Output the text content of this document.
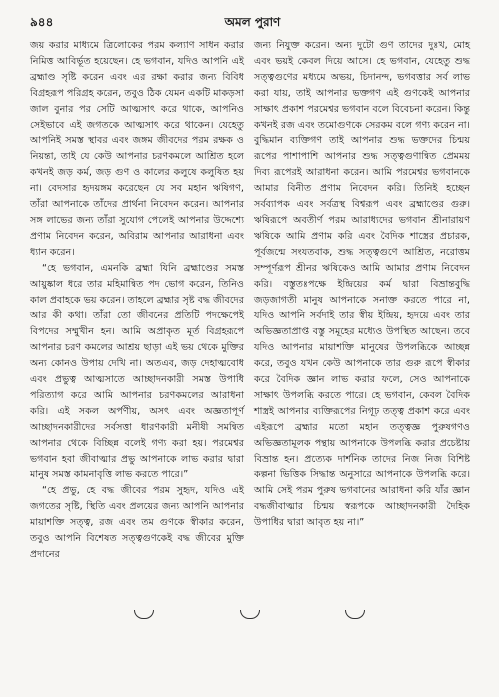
৯৪৪	অমল পুরাণ

জয় করার মাধ্যমে ত্রিলোকের পরম কল্যাণ সাধন করার নিমিত্ত আবির্ভূত হয়েছেন। হে ভগবান, যদিও আপনি এই ব্রহ্মাণ্ড সৃষ্টি করেন এবং এর রক্ষা করার জন্য বিবিধ বিগ্রহরূপ পরিগ্রহ করেন, তবুও ঠিক যেমন একটি মাকড়সা জাল বুনার পর সেটি আত্মসাৎ করে থাকে, আপনিও সেইভাবে এই জগতকে আত্মসাৎ করে থাকেন। যেহেতু আপনিই সমস্ত স্থাবর এবং জঙ্গম জীবদের পরম রক্ষক ও নিয়ন্তা, তাই যে কেউ আপনার চরণকমলে আশ্রিত হলে কখনই জড় কর্ম, জড় গুণ ও কালের কলুষে কলুষিত হয় না। বেদসার হৃদয়ঙ্গম করেছেন যে সব মহান ঋষিগণ, তাঁরা আপনাকে তাঁদের প্রার্থনা নিবেদন করেন। আপনার সঙ্গ লাভের জন্য তাঁরা সুযোগ পেলেই আপনার উদ্দেশ্যে প্রণাম নিবেদন করেন, অবিরাম আপনার আরাধনা এবং ধ্যান করেন।

“হে ভগবান, এমনকি ব্রহ্মা যিনি ব্রহ্মাণ্ডের সমস্ত আয়ুষ্কাল ধরে তার মহিমান্বিত পদ ভোগ করেন, তিনিও কাল প্রবাহকে ভয় করেন। তাহলে ব্রহ্মার সৃষ্ট বদ্ধ জীবদের আর কী কথা। তাঁরা তো জীবনের প্রতিটি পদক্ষেপেই বিপদের সম্মুখীন হন। আমি অপ্রাকৃত মূর্ত বিগ্রহরূপে আপনার চরণ কমলের আশ্রয় ছাড়া এই ভয় থেকে মুক্তির অন্য কোনও উপায় দেখি না। অতএব, জড় দেহাত্মবোধ এবং প্রভুত্ব আত্মসাতে আচ্ছাদনকারী সমস্ত উপাধি পরিত্যাগ করে আমি আপনার চরণকমলের আরাধনা করি। এই সকল অর্পণীয়, অসৎ এবং অজ্ঞতাপূর্ণ আচ্ছাদনকারীদের সর্বসত্তা ধারণকারী মনীষী সমন্বিত আপনার থেকে বিচ্ছিন্ন বলেই গণ্য করা হয়। পরমেশ্বর ভগবান হবা জীবাত্মার প্রভু আপনাকে লাভ করার দ্বারা মানুষ সমস্ত কামনাবৃত্তি লাভ করতে পারে।”

“হে প্রভু, হে বদ্ধ জীবের পরম সুহৃদ, যদিও এই জগতের সৃষ্টি, স্থিতি এবং প্রলয়ের জন্য আপনি আপনার মায়াশক্তি সত্ত্ব, রজ এবং তম গুণকে স্বীকার করেন, তবুও আপনি বিশেষত সত্ত্বগুণকেই বদ্ধ জীবের মুক্তি প্রদানের

জন্য নিযুক্ত করেন। অন্য দুটো গুণ তাদের দুঃখ, মোহ এবং ভয়ই কেবল দিয়ে আসে। হে ভগবান, যেহেতু শুদ্ধ সত্ত্বগুণের মধ্যমে অভয়, চিদানন্দ, ভগবত্তার সর্ব লাভ করা যায়, তাই আপনার ভক্তগণ এই গুণকেই আপনার সাক্ষাৎ প্রকাশ পরমেশ্বর ভগবান বলে বিবেচনা করেন। কিন্তু কখনই রজ এবং তমোগুণকে সেরকম বলে গণ্য করেন না। বুদ্ধিমান ব্যক্তিগণ তাই আপনার শুদ্ধ ভক্তদের চিন্ময় রূপের পাশাপাশি আপনার শুদ্ধ সত্ত্বগুণান্বিত প্রেমময় দিব্য রূপেরই আরাধনা করেন। আমি পরমেশ্বর ভগবানকে আমার বিনীত প্রণাম নিবেদন করি। তিনিই হচ্ছেন সর্বব্যাপক এবং সর্বত্রস্থ বিশ্বরূপ এবং ব্রহ্মাণ্ডের গুরু। ঋষিরূপে অবতীর্ণ পরম আরাধ্যদের ভগবান শ্রীনারায়ণ ঋষিকে আমি প্রণাম করি এবং বৈদিক শাস্ত্রের প্রচারক, পূর্বজন্মে সংযতবাক, শুদ্ধ সত্ত্বগুণে আশ্রিত, নরোত্তম সম্পূর্ণরূপ শ্রীনর ঋষিকেও আমি আমার প্রণাম নিবেদন করি। বস্তুতঃপক্ষে ইন্দ্রিয়ের কর্ম দ্বারা বিভ্রান্তবুদ্ধি জড়জাগতী মানুষ আপনাকে সনাক্ত করতে পারে না, যদিও আপনি সর্বদাই তার স্বীয় ইন্দ্রিয়, হৃদয়ে এবং তার অভিজ্ঞতাপ্রাপ্ত বস্তু সমূহের মধ্যেও উপস্থিত আছেন। তবে যদিও আপনার মায়াশক্তি মানুষের উপলব্ধিকে আচ্ছন্ন করে, তবুও যখন কেউ আপনাকে তার গুরু রূপে স্বীকার করে বৈদিক জ্ঞান লাভ করার ফলে, সেও আপনাকে সাক্ষাৎ উপলব্ধি করতে পারে। হে ভগবান, কেবল বৈদিক শাস্ত্রই আপনার ব্যক্তিরূপের নিগূঢ় তত্ত্ব প্রকাশ করে এবং এইরূপে ব্রহ্মার মতো মহান তত্ত্বজ্ঞ পুরুষগণও অভিজ্ঞতামূলক পন্থায় আপনাকে উপলব্ধি করার প্রচেষ্টায় বিভ্রান্ত হন। প্রত্যেক দার্শনিক তাদের নিজ নিজ বিশিষ্ট কল্পনা ভিত্তিক সিদ্ধান্ত অনুসারে আপনাকে উপলব্ধি করে। আমি সেই পরম পুরুষ ভগবানের আরাধনা করি যাঁর জ্ঞান বদ্ধজীবাত্মার চিন্ময় স্বরূপকে আচ্ছাদনকারী দৈহিক উপাধির দ্বারা আবৃত হয় না।”
